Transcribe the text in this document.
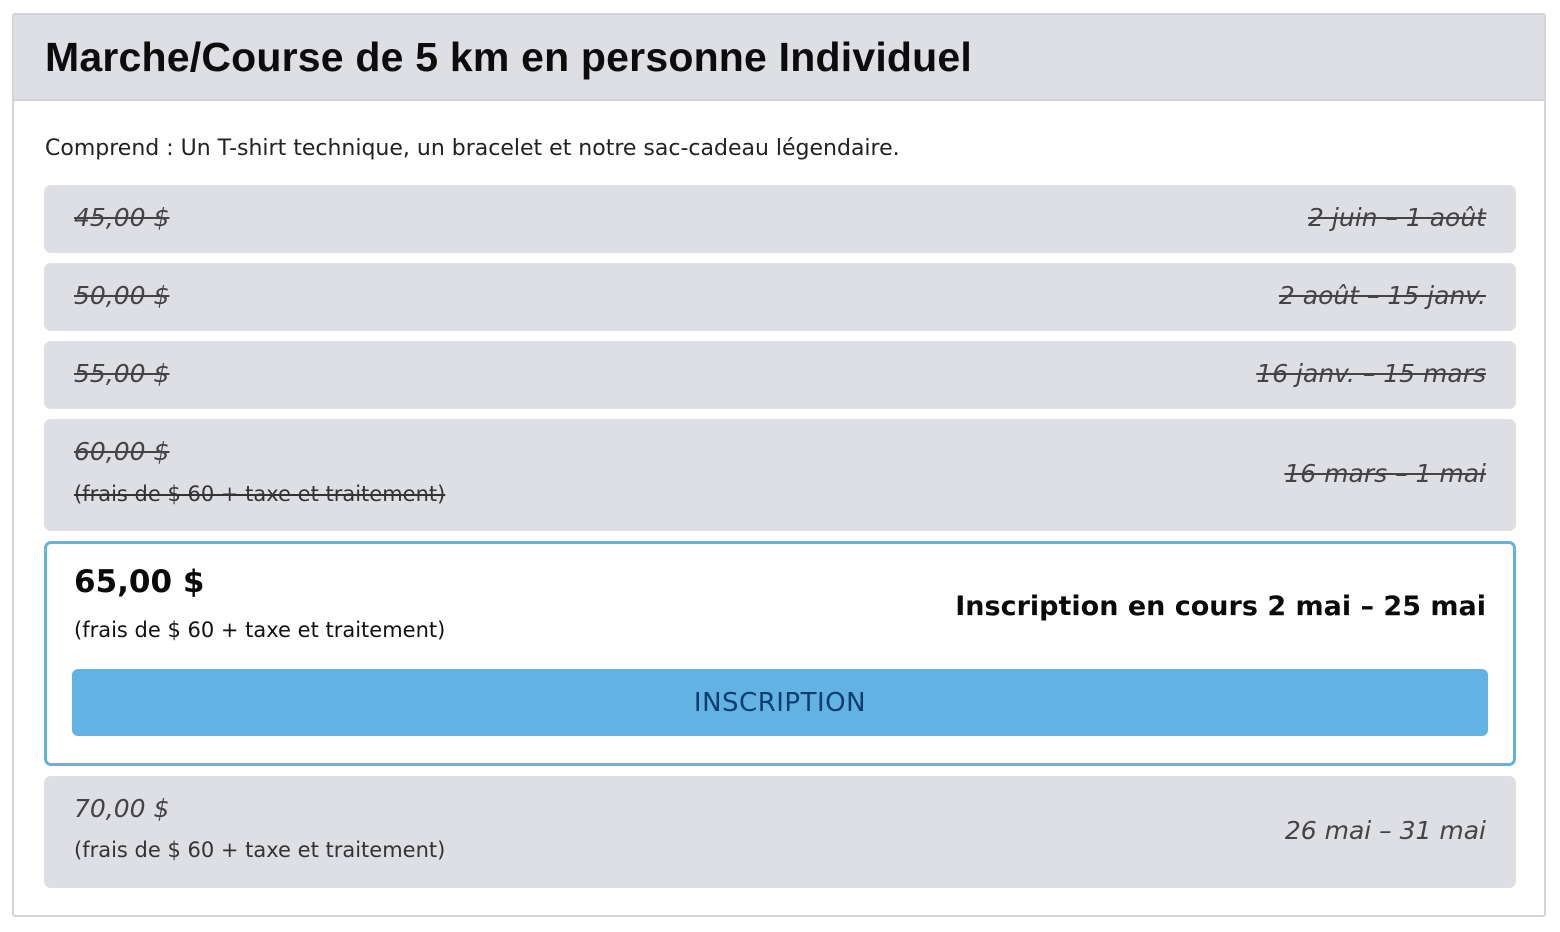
Marche/Course de 5 km en personne Individuel
Comprend : Un T-shirt technique, un bracelet et notre sac-cadeau légendaire.
45,00 $	2 juin – 1 août
50,00 $	2 août – 15 janv.
55,00 $	16 janv. – 15 mars
60,00 $
(frais de $ 60 + taxe et traitement)
16 mars – 1 mai
65,00 $
(frais de $ 60 + taxe et traitement)
Inscription en cours 2 mai – 25 mai
INSCRIPTION
70,00 $
(frais de $ 60 + taxe et traitement)
26 mai – 31 mai
